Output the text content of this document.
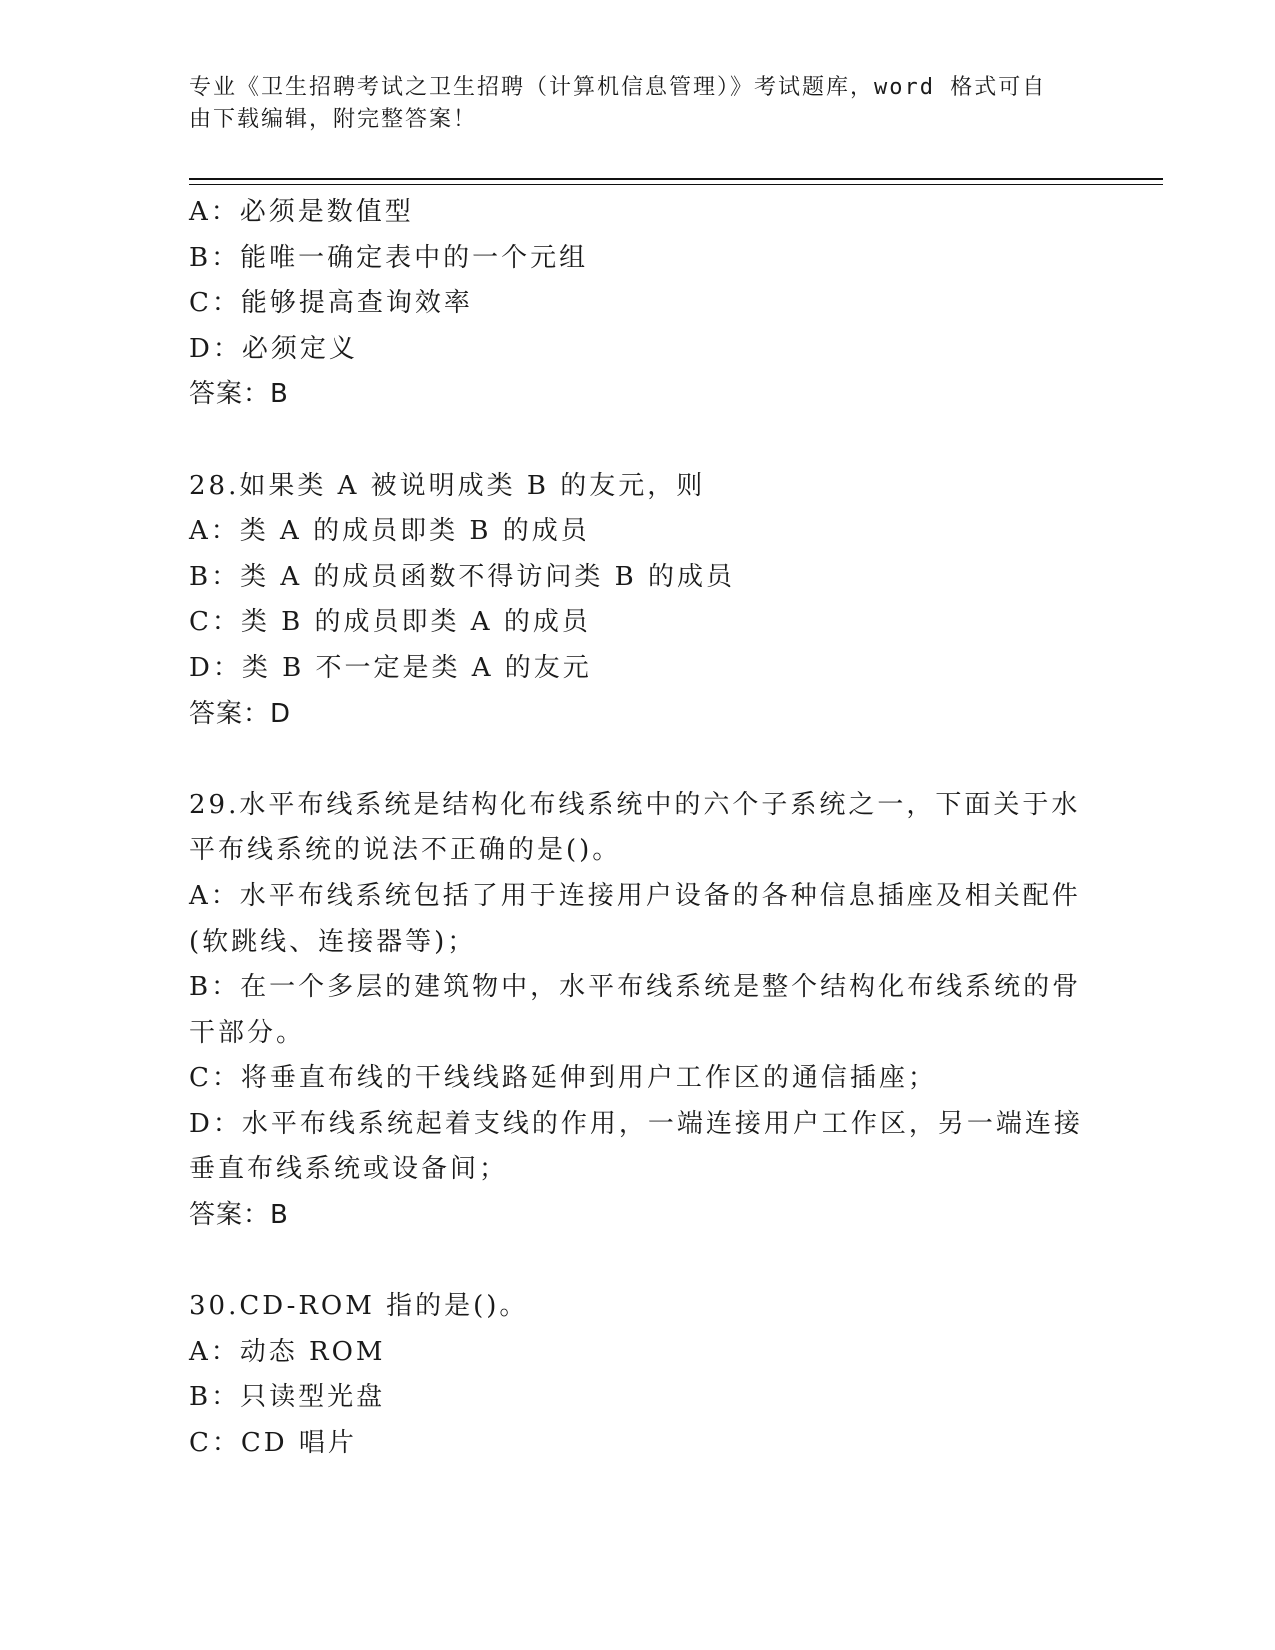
专业《卫生招聘考试之卫生招聘（计算机信息管理）》考试题库，word 格式可自
由下载编辑，附完整答案！
A：必须是数值型
B：能唯一确定表中的一个元组
C：能够提高查询效率
D：必须定义
答案：B
28.如果类 A 被说明成类 B 的友元，则
A：类 A 的成员即类 B 的成员
B：类 A 的成员函数不得访问类 B 的成员
C：类 B 的成员即类 A 的成员
D：类 B 不一定是类 A 的友元
答案：D
29.水平布线系统是结构化布线系统中的六个子系统之一，下面关于水
平布线系统的说法不正确的是()。
A：水平布线系统包括了用于连接用户设备的各种信息插座及相关配件
(软跳线、连接器等)；
B：在一个多层的建筑物中，水平布线系统是整个结构化布线系统的骨
干部分。
C：将垂直布线的干线线路延伸到用户工作区的通信插座；
D：水平布线系统起着支线的作用，一端连接用户工作区，另一端连接
垂直布线系统或设备间；
答案：B
30.CD-ROM 指的是()。
A：动态 ROM
B：只读型光盘
C：CD 唱片
